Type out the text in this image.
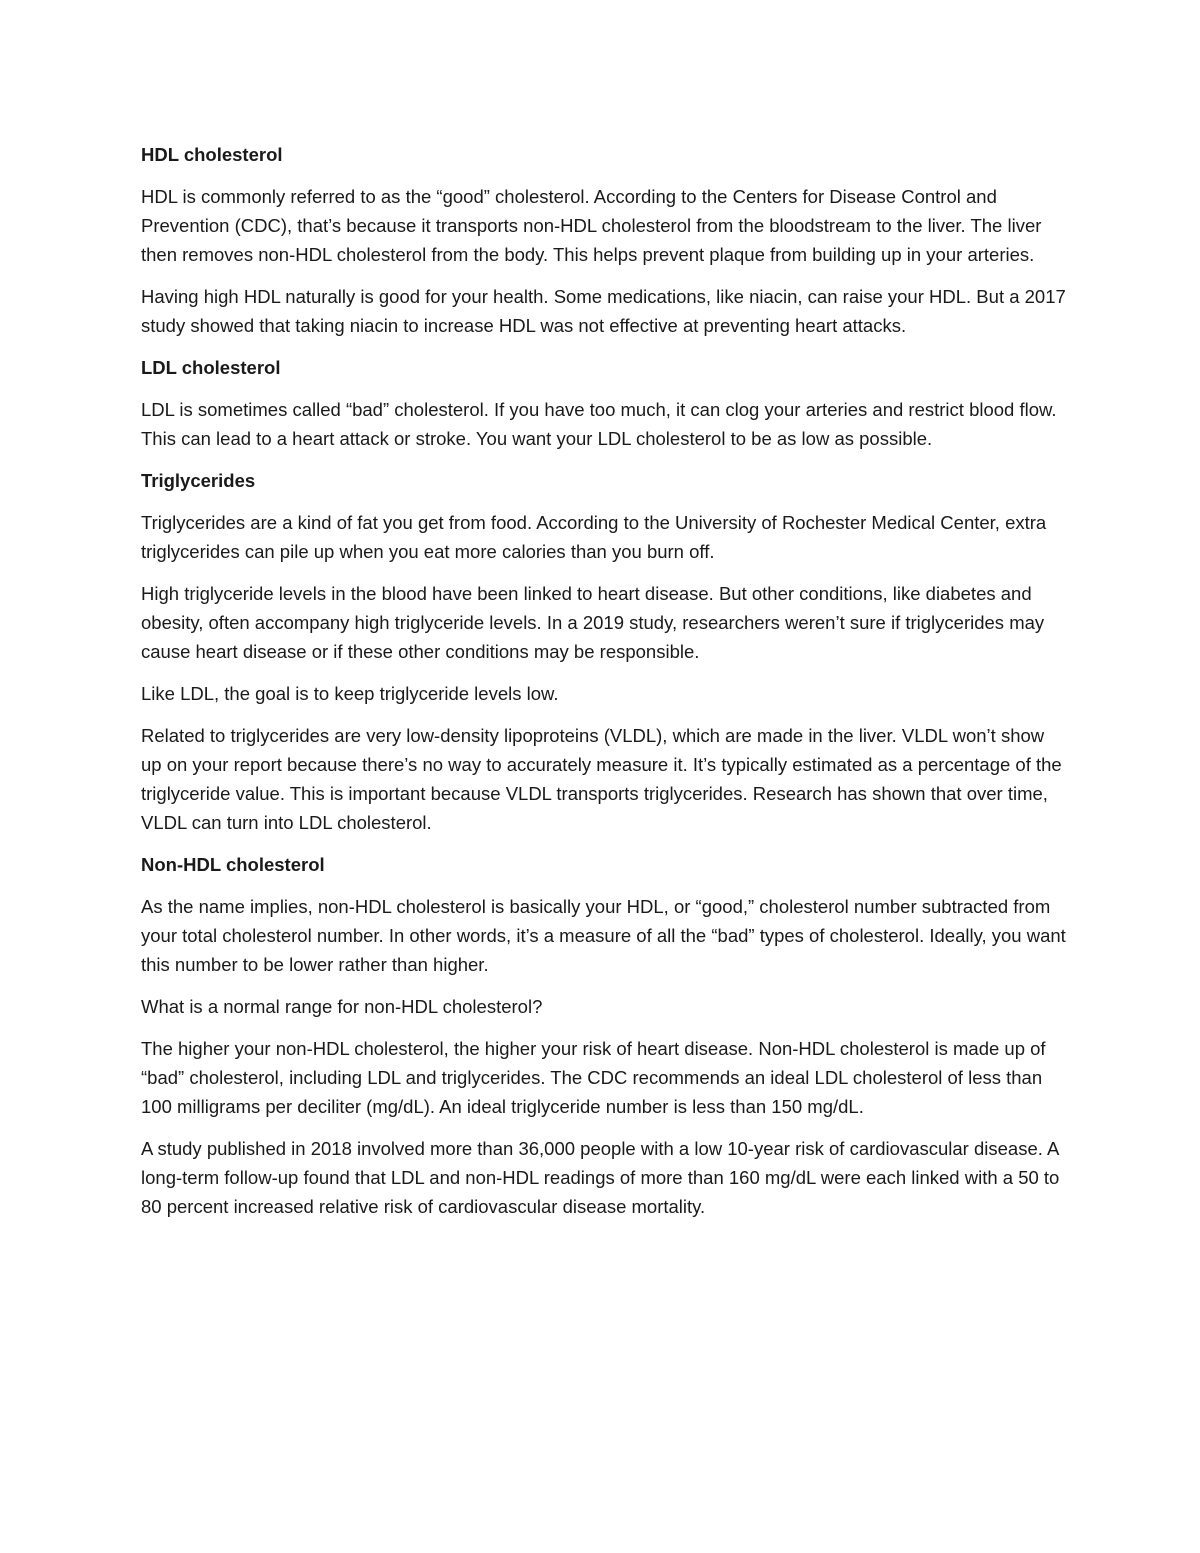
HDL cholesterol

HDL is commonly referred to as the “good” cholesterol. According to the Centers for Disease Control and Prevention (CDC), that’s because it transports non-HDL cholesterol from the bloodstream to the liver. The liver then removes non-HDL cholesterol from the body. This helps prevent plaque from building up in your arteries.

Having high HDL naturally is good for your health. Some medications, like niacin, can raise your HDL. But a 2017 study showed that taking niacin to increase HDL was not effective at preventing heart attacks.

LDL cholesterol

LDL is sometimes called “bad” cholesterol. If you have too much, it can clog your arteries and restrict blood flow. This can lead to a heart attack or stroke. You want your LDL cholesterol to be as low as possible.

Triglycerides

Triglycerides are a kind of fat you get from food. According to the University of Rochester Medical Center, extra triglycerides can pile up when you eat more calories than you burn off.

High triglyceride levels in the blood have been linked to heart disease. But other conditions, like diabetes and obesity, often accompany high triglyceride levels. In a 2019 study, researchers weren’t sure if triglycerides may cause heart disease or if these other conditions may be responsible.

Like LDL, the goal is to keep triglyceride levels low.

Related to triglycerides are very low-density lipoproteins (VLDL), which are made in the liver. VLDL won’t show up on your report because there’s no way to accurately measure it. It’s typically estimated as a percentage of the triglyceride value. This is important because VLDL transports triglycerides. Research has shown that over time, VLDL can turn into LDL cholesterol.

Non-HDL cholesterol

As the name implies, non-HDL cholesterol is basically your HDL, or “good,” cholesterol number subtracted from your total cholesterol number. In other words, it’s a measure of all the “bad” types of cholesterol. Ideally, you want this number to be lower rather than higher.

What is a normal range for non-HDL cholesterol?

The higher your non-HDL cholesterol, the higher your risk of heart disease. Non-HDL cholesterol is made up of “bad” cholesterol, including LDL and triglycerides. The CDC recommends an ideal LDL cholesterol of less than 100 milligrams per deciliter (mg/dL). An ideal triglyceride number is less than 150 mg/dL.

A study published in 2018 involved more than 36,000 people with a low 10-year risk of cardiovascular disease. A long-term follow-up found that LDL and non-HDL readings of more than 160 mg/dL were each linked with a 50 to 80 percent increased relative risk of cardiovascular disease mortality.
